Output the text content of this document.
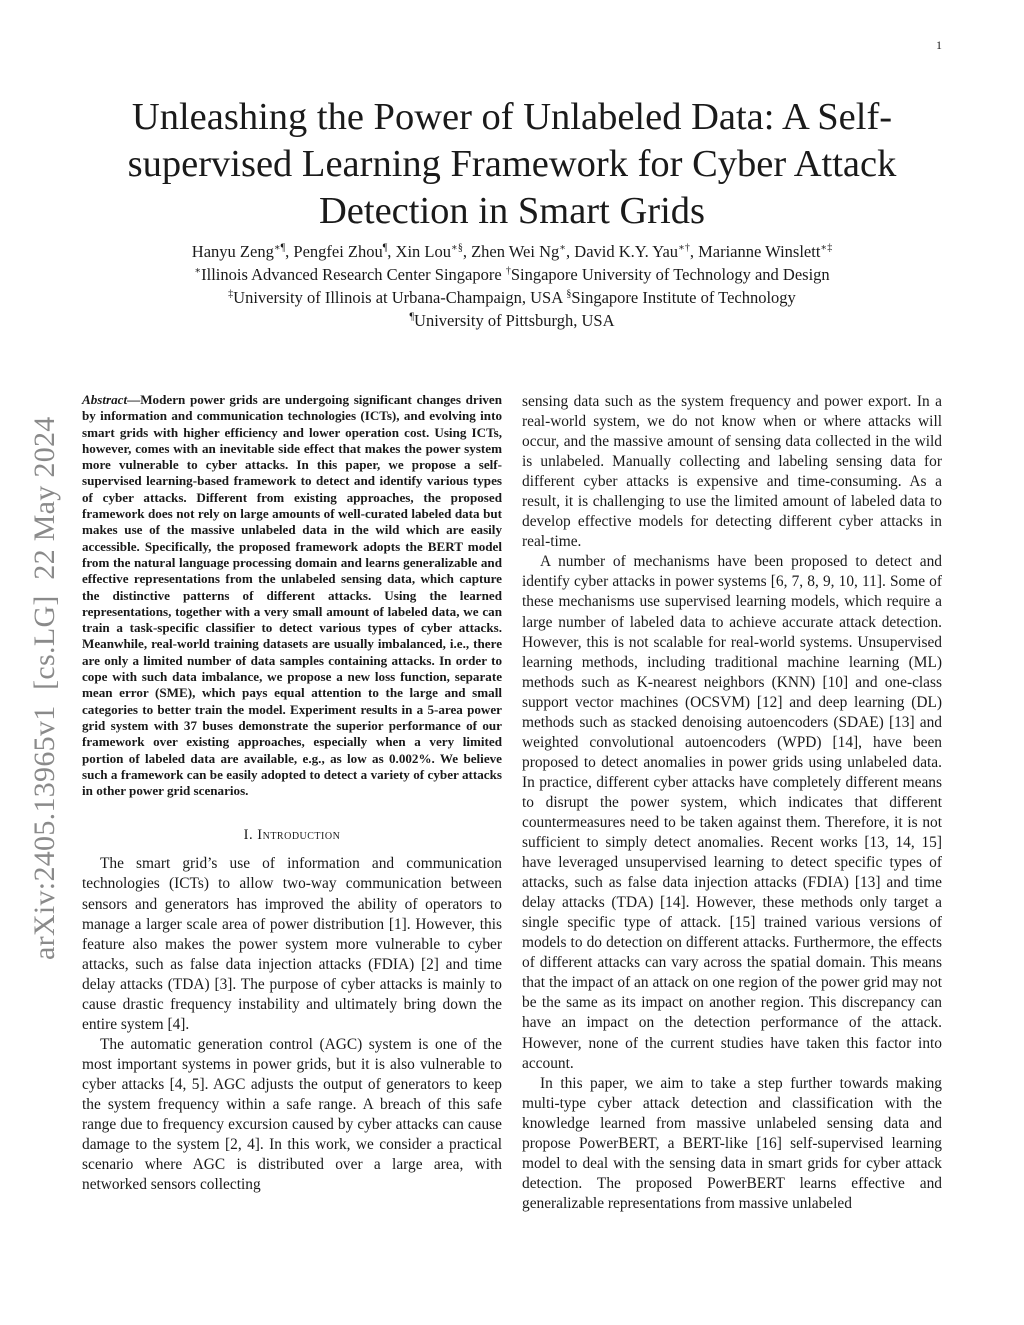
1
arXiv:2405.13965v1  [cs.LG]  22 May 2024
Unleashing the Power of Unlabeled Data: A Self-supervised Learning Framework for Cyber Attack Detection in Smart Grids
Hanyu Zeng∗¶, Pengfei Zhou¶, Xin Lou∗§, Zhen Wei Ng∗, David K.Y. Yau∗†, Marianne Winslett∗‡
∗Illinois Advanced Research Center Singapore †Singapore University of Technology and Design
‡University of Illinois at Urbana-Champaign, USA §Singapore Institute of Technology
¶University of Pittsburgh, USA

Abstract—Modern power grids are undergoing significant changes driven by information and communication technologies (ICTs), and evolving into smart grids with higher efficiency and lower operation cost. Using ICTs, however, comes with an inevitable side effect that makes the power system more vulnerable to cyber attacks. In this paper, we propose a self-supervised learning-based framework to detect and identify various types of cyber attacks. Different from existing approaches, the proposed framework does not rely on large amounts of well-curated labeled data but makes use of the massive unlabeled data in the wild which are easily accessible. Specifically, the proposed framework adopts the BERT model from the natural language processing domain and learns generalizable and effective representations from the unlabeled sensing data, which capture the distinctive patterns of different attacks. Using the learned representations, together with a very small amount of labeled data, we can train a task-specific classifier to detect various types of cyber attacks. Meanwhile, real-world training datasets are usually imbalanced, i.e., there are only a limited number of data samples containing attacks. In order to cope with such data imbalance, we propose a new loss function, separate mean error (SME), which pays equal attention to the large and small categories to better train the model. Experiment results in a 5-area power grid system with 37 buses demonstrate the superior performance of our framework over existing approaches, especially when a very limited portion of labeled data are available, e.g., as low as 0.002%. We believe such a framework can be easily adopted to detect a variety of cyber attacks in other power grid scenarios.

I. Introduction

The smart grid’s use of information and communication technologies (ICTs) to allow two-way communication between sensors and generators has improved the ability of operators to manage a larger scale area of power distribution [1]. However, this feature also makes the power system more vulnerable to cyber attacks, such as false data injection attacks (FDIA) [2] and time delay attacks (TDA) [3]. The purpose of cyber attacks is mainly to cause drastic frequency instability and ultimately bring down the entire system [4].

The automatic generation control (AGC) system is one of the most important systems in power grids, but it is also vulnerable to cyber attacks [4, 5]. AGC adjusts the output of generators to keep the system frequency within a safe range. A breach of this safe range due to frequency excursion caused by cyber attacks can cause damage to the system [2, 4]. In this work, we consider a practical scenario where AGC is distributed over a large area, with networked sensors collecting

sensing data such as the system frequency and power export. In a real-world system, we do not know when or where attacks will occur, and the massive amount of sensing data collected in the wild is unlabeled. Manually collecting and labeling sensing data for different cyber attacks is expensive and time-consuming. As a result, it is challenging to use the limited amount of labeled data to develop effective models for detecting different cyber attacks in real-time.

A number of mechanisms have been proposed to detect and identify cyber attacks in power systems [6, 7, 8, 9, 10, 11]. Some of these mechanisms use supervised learning models, which require a large number of labeled data to achieve accurate attack detection. However, this is not scalable for real-world systems. Unsupervised learning methods, including traditional machine learning (ML) methods such as K-nearest neighbors (KNN) [10] and one-class support vector machines (OCSVM) [12] and deep learning (DL) methods such as stacked denoising autoencoders (SDAE) [13] and weighted convolutional autoencoders (WPD) [14], have been proposed to detect anomalies in power grids using unlabeled data. In practice, different cyber attacks have completely different means to disrupt the power system, which indicates that different countermeasures need to be taken against them. Therefore, it is not sufficient to simply detect anomalies. Recent works [13, 14, 15] have leveraged unsupervised learning to detect specific types of attacks, such as false data injection attacks (FDIA) [13] and time delay attacks (TDA) [14]. However, these methods only target a single specific type of attack. [15] trained various versions of models to do detection on different attacks. Furthermore, the effects of different attacks can vary across the spatial domain. This means that the impact of an attack on one region of the power grid may not be the same as its impact on another region. This discrepancy can have an impact on the detection performance of the attack. However, none of the current studies have taken this factor into account.

In this paper, we aim to take a step further towards making multi-type cyber attack detection and classification with the knowledge learned from massive unlabeled sensing data and propose PowerBERT, a BERT-like [16] self-supervised learning model to deal with the sensing data in smart grids for cyber attack detection. The proposed PowerBERT learns effective and generalizable representations from massive unlabeled
